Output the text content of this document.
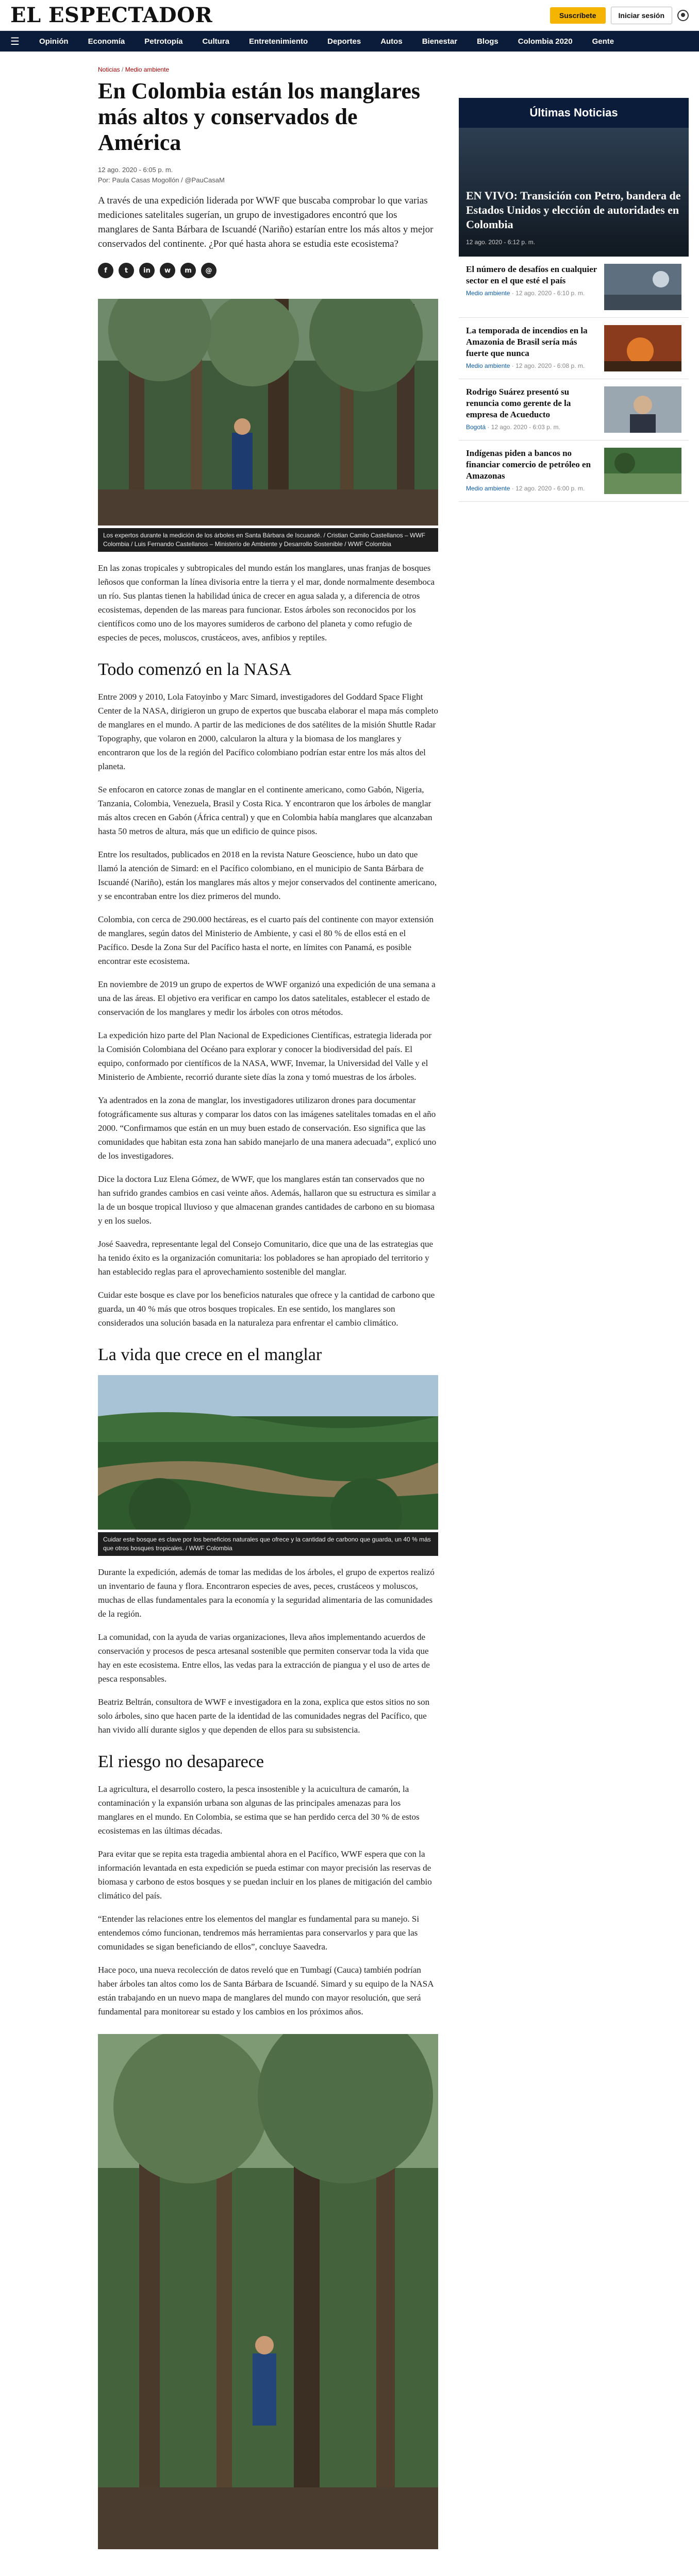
EL ESPECTADOR	Suscríbete	Iniciar sesión
☰	Opinión	Economía	Petrotopía	Cultura	Entretenimiento	Deportes	Autos	Bienestar	Blogs	Colombia 2020	Gente
Noticias / Medio ambiente
En Colombia están los manglares más altos y conservados de América
12 ago. 2020 - 6:05 p. m.
Por: Paula Casas Mogollón / @PauCasaM

A través de una expedición liderada por WWF que buscaba comprobar lo que varias mediciones satelitales sugerían, un grupo de investigadores encontró que los manglares de Santa Bárbara de Iscuandé (Nariño) estarían entre los más altos y mejor conservados del continente. ¿Por qué hasta ahora se estudia este ecosistema?

f	t	in	w	m	@
Los expertos durante la medición de los árboles en Santa Bárbara de Iscuandé. / Cristian Camilo Castellanos – WWF Colombia / Luis Fernando Castellanos – Ministerio de Ambiente y Desarrollo Sostenible / WWF Colombia

En las zonas tropicales y subtropicales del mundo están los manglares, unas franjas de bosques leñosos que conforman la línea divisoria entre la tierra y el mar, donde normalmente desemboca un río. Sus plantas tienen la habilidad única de crecer en agua salada y, a diferencia de otros ecosistemas, dependen de las mareas para funcionar. Estos árboles son reconocidos por los científicos como uno de los mayores sumideros de carbono del planeta y como refugio de especies de peces, moluscos, crustáceos, aves, anfibios y reptiles.

Todo comenzó en la NASA

Entre 2009 y 2010, Lola Fatoyinbo y Marc Simard, investigadores del Goddard Space Flight Center de la NASA, dirigieron un grupo de expertos que buscaba elaborar el mapa más completo de manglares en el mundo. A partir de las mediciones de dos satélites de la misión Shuttle Radar Topography, que volaron en 2000, calcularon la altura y la biomasa de los manglares y encontraron que los de la región del Pacífico colombiano podrían estar entre los más altos del planeta.

Se enfocaron en catorce zonas de manglar en el continente americano, como Gabón, Nigeria, Tanzania, Colombia, Venezuela, Brasil y Costa Rica. Y encontraron que los árboles de manglar más altos crecen en Gabón (África central) y que en Colombia había manglares que alcanzaban hasta 50 metros de altura, más que un edificio de quince pisos.

Entre los resultados, publicados en 2018 en la revista Nature Geoscience, hubo un dato que llamó la atención de Simard: en el Pacífico colombiano, en el municipio de Santa Bárbara de Iscuandé (Nariño), están los manglares más altos y mejor conservados del continente americano, y se encontraban entre los diez primeros del mundo.

Colombia, con cerca de 290.000 hectáreas, es el cuarto país del continente con mayor extensión de manglares, según datos del Ministerio de Ambiente, y casi el 80 % de ellos está en el Pacífico. Desde la Zona Sur del Pacífico hasta el norte, en límites con Panamá, es posible encontrar este ecosistema.

En noviembre de 2019 un grupo de expertos de WWF organizó una expedición de una semana a una de las áreas. El objetivo era verificar en campo los datos satelitales, establecer el estado de conservación de los manglares y medir los árboles con otros métodos.

La expedición hizo parte del Plan Nacional de Expediciones Científicas, estrategia liderada por la Comisión Colombiana del Océano para explorar y conocer la biodiversidad del país. El equipo, conformado por científicos de la NASA, WWF, Invemar, la Universidad del Valle y el Ministerio de Ambiente, recorrió durante siete días la zona y tomó muestras de los árboles.

Ya adentrados en la zona de manglar, los investigadores utilizaron drones para documentar fotográficamente sus alturas y comparar los datos con las imágenes satelitales tomadas en el año 2000. “Confirmamos que están en un muy buen estado de conservación. Eso significa que las comunidades que habitan esta zona han sabido manejarlo de una manera adecuada”, explicó uno de los investigadores.

Dice la doctora Luz Elena Gómez, de WWF, que los manglares están tan conservados que no han sufrido grandes cambios en casi veinte años. Además, hallaron que su estructura es similar a la de un bosque tropical lluvioso y que almacenan grandes cantidades de carbono en su biomasa y en los suelos.

José Saavedra, representante legal del Consejo Comunitario, dice que una de las estrategias que ha tenido éxito es la organización comunitaria: los pobladores se han apropiado del territorio y han establecido reglas para el aprovechamiento sostenible del manglar.

Cuidar este bosque es clave por los beneficios naturales que ofrece y la cantidad de carbono que guarda, un 40 % más que otros bosques tropicales. En ese sentido, los manglares son considerados una solución basada en la naturaleza para enfrentar el cambio climático.

La vida que crece en el manglar
Cuidar este bosque es clave por los beneficios naturales que ofrece y la cantidad de carbono que guarda, un 40 % más que otros bosques tropicales. / WWF Colombia

Durante la expedición, además de tomar las medidas de los árboles, el grupo de expertos realizó un inventario de fauna y flora. Encontraron especies de aves, peces, crustáceos y moluscos, muchas de ellas fundamentales para la economía y la seguridad alimentaria de las comunidades de la región.

La comunidad, con la ayuda de varias organizaciones, lleva años implementando acuerdos de conservación y procesos de pesca artesanal sostenible que permiten conservar toda la vida que hay en este ecosistema. Entre ellos, las vedas para la extracción de piangua y el uso de artes de pesca responsables.

Beatriz Beltrán, consultora de WWF e investigadora en la zona, explica que estos sitios no son solo árboles, sino que hacen parte de la identidad de las comunidades negras del Pacífico, que han vivido allí durante siglos y que dependen de ellos para su subsistencia.

El riesgo no desaparece

La agricultura, el desarrollo costero, la pesca insostenible y la acuicultura de camarón, la contaminación y la expansión urbana son algunas de las principales amenazas para los manglares en el mundo. En Colombia, se estima que se han perdido cerca del 30 % de estos ecosistemas en las últimas décadas.

Para evitar que se repita esta tragedia ambiental ahora en el Pacífico, WWF espera que con la información levantada en esta expedición se pueda estimar con mayor precisión las reservas de biomasa y carbono de estos bosques y se puedan incluir en los planes de mitigación del cambio climático del país.

“Entender las relaciones entre los elementos del manglar es fundamental para su manejo. Si entendemos cómo funcionan, tendremos más herramientas para conservarlos y para que las comunidades se sigan beneficiando de ellos”, concluye Saavedra.

Hace poco, una nueva recolección de datos reveló que en Tumbagí (Cauca) también podrían haber árboles tan altos como los de Santa Bárbara de Iscuandé. Simard y su equipo de la NASA están trabajando en un nuevo mapa de manglares del mundo con mayor resolución, que será fundamental para monitorear su estado y los cambios en los próximos años.

Últimas Noticias
EN VIVO: Transición con Petro, bandera de Estados Unidos y elección de autoridades en Colombia
12 ago. 2020 - 6:12 p. m.
El número de desafíos en cualquier sector en el que esté el país
Medio ambiente · 12 ago. 2020 - 6:10 p. m.
La temporada de incendios en la Amazonia de Brasil sería más fuerte que nunca
Medio ambiente · 12 ago. 2020 - 6:08 p. m.
Rodrigo Suárez presentó su renuncia como gerente de la empresa de Acueducto
Bogotá · 12 ago. 2020 - 6:03 p. m.
Indígenas piden a bancos no financiar comercio de petróleo en Amazonas
Medio ambiente · 12 ago. 2020 - 6:00 p. m.
